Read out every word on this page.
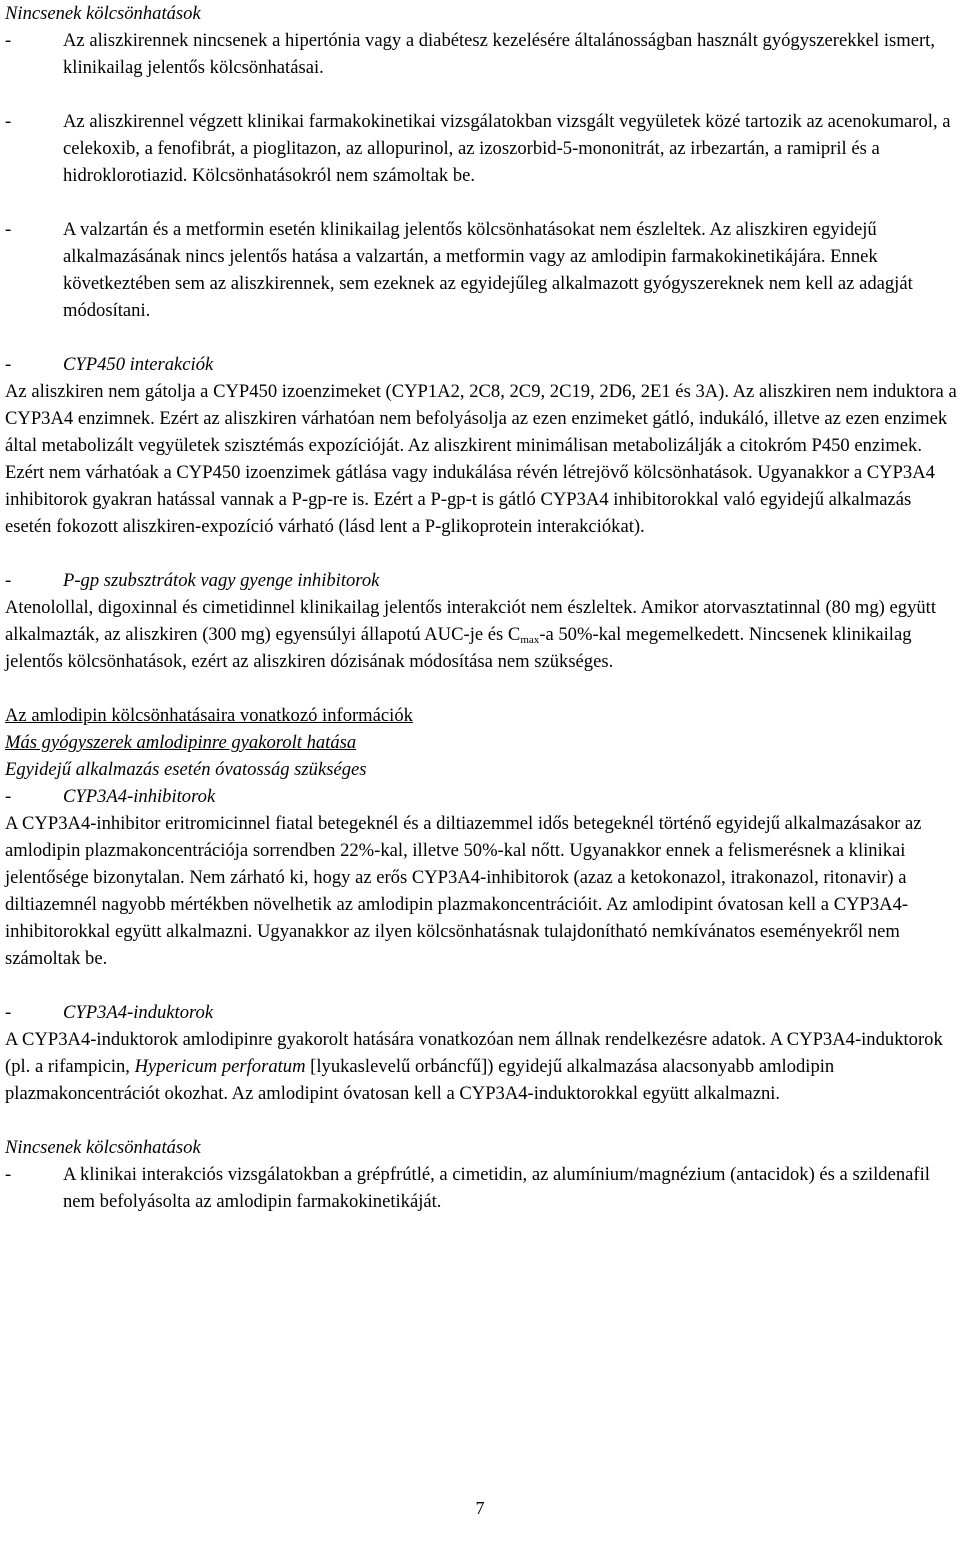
Nincsenek kölcsönhatások

-	Az aliszkirennek nincsenek a hipertónia vagy a diabétesz kezelésére általánosságban használt gyógyszerekkel ismert, klinikailag jelentős kölcsönhatásai.
-	Az aliszkirennel végzett klinikai farmakokinetikai vizsgálatokban vizsgált vegyületek közé tartozik az acenokumarol, a celekoxib, a fenofibrát, a pioglitazon, az allopurinol, az izoszorbid-5-mononitrát, az irbezartán, a ramipril és a hidroklorotiazid. Kölcsönhatásokról nem számoltak be.
-	A valzartán és a metformin esetén klinikailag jelentős kölcsönhatásokat nem észleltek. Az aliszkiren egyidejű alkalmazásának nincs jelentős hatása a valzartán, a metformin vagy az amlodipin farmakokinetikájára. Ennek következtében sem az aliszkirennek, sem ezeknek az egyidejűleg alkalmazott gyógyszereknek nem kell az adagját módosítani.
-	CYP450 interakciók

Az aliszkiren nem gátolja a CYP450 izoenzimeket (CYP1A2, 2C8, 2C9, 2C19, 2D6, 2E1 és 3A). Az aliszkiren nem induktora a CYP3A4 enzimnek. Ezért az aliszkiren várhatóan nem befolyásolja az ezen enzimeket gátló, indukáló, illetve az ezen enzimek által metabolizált vegyületek szisztémás expozícióját. Az aliszkirent minimálisan metabolizálják a citokróm P450 enzimek. Ezért nem várhatóak a CYP450 izoenzimek gátlása vagy indukálása révén létrejövő kölcsönhatások. Ugyanakkor a CYP3A4 inhibitorok gyakran hatással vannak a P-gp-re is. Ezért a P-gp-t is gátló CYP3A4 inhibitorokkal való egyidejű alkalmazás esetén fokozott aliszkiren-expozíció várható (lásd lent a P-glikoprotein interakciókat).

-	P-gp szubsztrátok vagy gyenge inhibitorok

Atenolollal, digoxinnal és cimetidinnel klinikailag jelentős interakciót nem észleltek. Amikor atorvasztatinnal (80 mg) együtt alkalmazták, az aliszkiren (300 mg) egyensúlyi állapotú AUC-je és $C_{max}-a$ 50%-kal megemelkedett. Nincsenek klinikailag jelentős kölcsönhatások, ezért az aliszkiren dózisának módosítása nem szükséges.

Az amlodipin kölcsönhatásaira vonatkozó információk

Más gyógyszerek amlodipinre gyakorolt hatása

Egyidejű alkalmazás esetén óvatosság szükséges

-	CYP3A4-inhibitorok

A CYP3A4-inhibitor eritromicinnel fiatal betegeknél és a diltiazemmel idős betegeknél történő egyidejű alkalmazásakor az amlodipin plazmakoncentrációja sorrendben 22%-kal, illetve 50%-kal nőtt. Ugyanakkor ennek a felismerésnek a klinikai jelentősége bizonytalan. Nem zárható ki, hogy az erős CYP3A4-inhibitorok (azaz a ketokonazol, itrakonazol, ritonavir) a diltiazemnél nagyobb mértékben növelhetik az amlodipin plazmakoncentrációit. Az amlodipint óvatosan kell a CYP3A4-inhibitorokkal együtt alkalmazni. Ugyanakkor az ilyen kölcsönhatásnak tulajdonítható nemkívánatos eseményekről nem számoltak be.

-	CYP3A4-induktorok

A CYP3A4-induktorok amlodipinre gyakorolt hatására vonatkozóan nem állnak rendelkezésre adatok. A CYP3A4-induktorok (pl. a rifampicin, Hypericum perforatum [lyukaslevelű orbáncfű]) egyidejű alkalmazása alacsonyabb amlodipin plazmakoncentrációt okozhat. Az amlodipint óvatosan kell a CYP3A4-induktorokkal együtt alkalmazni.

Nincsenek kölcsönhatások

-	A klinikai interakciós vizsgálatokban a grépfrútlé, a cimetidin, az alumínium/magnézium (antacidok) és a szildenafil nem befolyásolta az amlodipin farmakokinetikáját.
7
